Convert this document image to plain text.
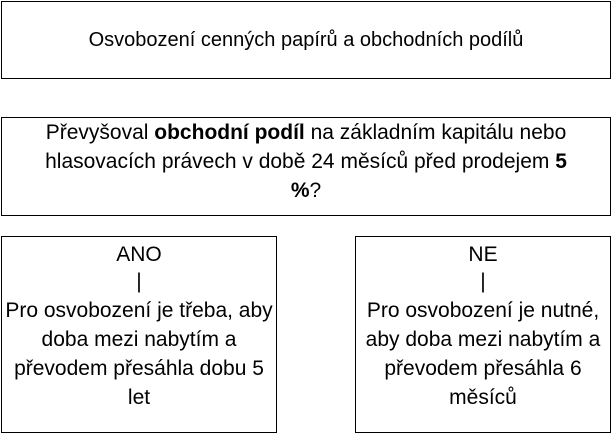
Osvobození cenných papírů a obchodních podílů
Převyšoval obchodní podíl na základním kapitálu nebo hlasovacích právech v době 24 měsíců před prodejem 5 %?
ANO
|
Pro osvobození je třeba, aby doba mezi nabytím a převodem přesáhla dobu 5 let
NE
|
Pro osvobození je nutné, aby doba mezi nabytím a převodem přesáhla 6 měsíců
